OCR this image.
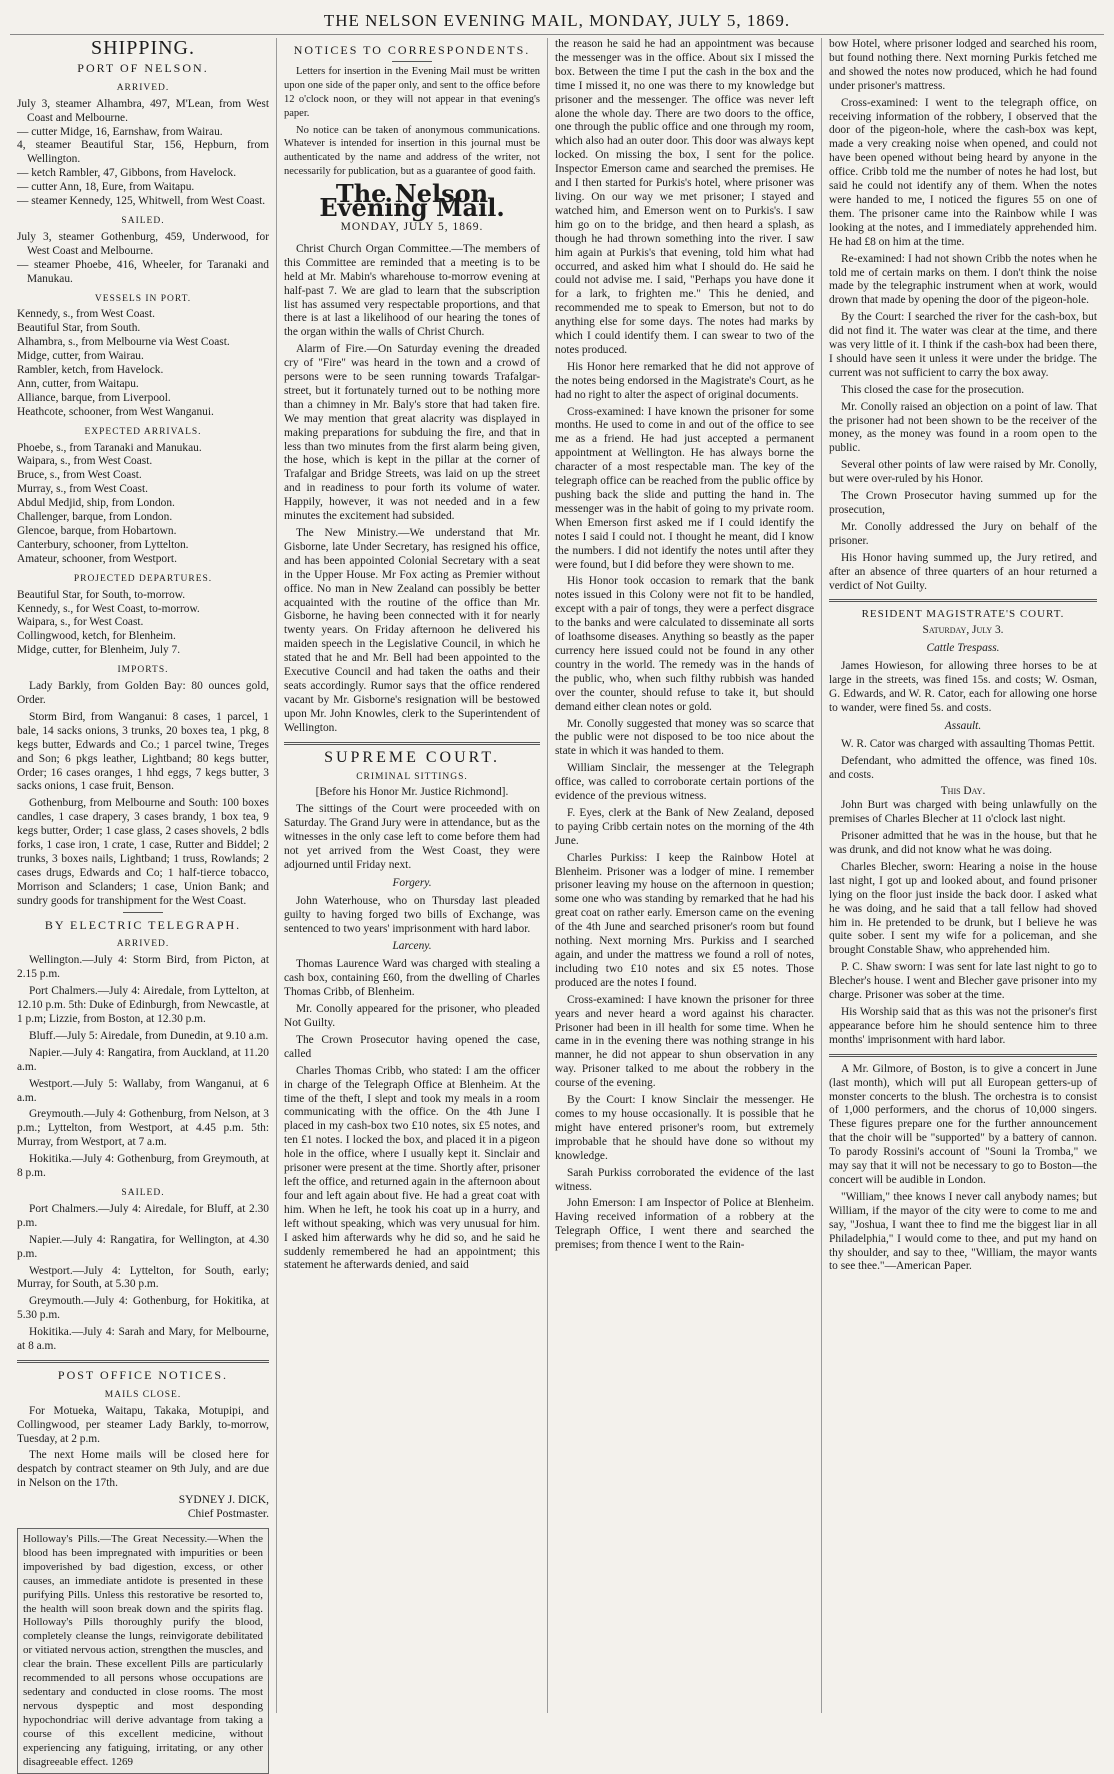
THE NELSON EVENING MAIL, MONDAY, JULY 5, 1869.
SHIPPING.
PORT OF NELSON.
ARRIVED.

July 3, steamer Alhambra, 497, M'Lean, from West Coast and Melbourne.

— cutter Midge, 16, Earnshaw, from Wairau.

4, steamer Beautiful Star, 156, Hepburn, from Wellington.

— ketch Rambler, 47, Gibbons, from Havelock.

— cutter Ann, 18, Eure, from Waitapu.

— steamer Kennedy, 125, Whitwell, from West Coast.

SAILED.

July 3, steamer Gothenburg, 459, Underwood, for West Coast and Melbourne.

— steamer Phoebe, 416, Wheeler, for Taranaki and Manukau.

VESSELS IN PORT.

Kennedy, s., from West Coast.

Beautiful Star, from South.

Alhambra, s., from Melbourne via West Coast.

Midge, cutter, from Wairau.

Rambler, ketch, from Havelock.

Ann, cutter, from Waitapu.

Alliance, barque, from Liverpool.

Heathcote, schooner, from West Wanganui.

EXPECTED ARRIVALS.

Phoebe, s., from Taranaki and Manukau.

Waipara, s., from West Coast.

Bruce, s., from West Coast.

Murray, s., from West Coast.

Abdul Medjid, ship, from London.

Challenger, barque, from London.

Glencoe, barque, from Hobartown.

Canterbury, schooner, from Lyttelton.

Amateur, schooner, from Westport.

PROJECTED DEPARTURES.

Beautiful Star, for South, to-morrow.

Kennedy, s., for West Coast, to-morrow.

Waipara, s., for West Coast.

Collingwood, ketch, for Blenheim.

Midge, cutter, for Blenheim, July 7.

IMPORTS.

Lady Barkly, from Golden Bay: 80 ounces gold, Order.

Storm Bird, from Wanganui: 8 cases, 1 parcel, 1 bale, 14 sacks onions, 3 trunks, 20 boxes tea, 1 pkg, 8 kegs butter, Edwards and Co.; 1 parcel twine, Treges and Son; 6 pkgs leather, Lightband; 80 kegs butter, Order; 16 cases oranges, 1 hhd eggs, 7 kegs butter, 3 sacks onions, 1 case fruit, Benson.

Gothenburg, from Melbourne and South: 100 boxes candles, 1 case drapery, 3 cases brandy, 1 box tea, 9 kegs butter, Order; 1 case glass, 2 cases shovels, 2 bdls forks, 1 case iron, 1 crate, 1 case, Rutter and Biddel; 2 trunks, 3 boxes nails, Lightband; 1 truss, Rowlands; 2 cases drugs, Edwards and Co; 1 half-tierce tobacco, Morrison and Sclanders; 1 case, Union Bank; and sundry goods for transhipment for the West Coast.

BY ELECTRIC TELEGRAPH.
ARRIVED.

Wellington.—July 4: Storm Bird, from Picton, at 2.15 p.m.

Port Chalmers.—July 4: Airedale, from Lyttelton, at 12.10 p.m. 5th: Duke of Edinburgh, from Newcastle, at 1 p.m; Lizzie, from Boston, at 12.30 p.m.

Bluff.—July 5: Airedale, from Dunedin, at 9.10 a.m.

Napier.—July 4: Rangatira, from Auckland, at 11.20 a.m.

Westport.—July 5: Wallaby, from Wanganui, at 6 a.m.

Greymouth.—July 4: Gothenburg, from Nelson, at 3 p.m.; Lyttelton, from Westport, at 4.45 p.m. 5th: Murray, from Westport, at 7 a.m.

Hokitika.—July 4: Gothenburg, from Greymouth, at 8 p.m.

SAILED.

Port Chalmers.—July 4: Airedale, for Bluff, at 2.30 p.m.

Napier.—July 4: Rangatira, for Wellington, at 4.30 p.m.

Westport.—July 4: Lyttelton, for South, early; Murray, for South, at 5.30 p.m.

Greymouth.—July 4: Gothenburg, for Hokitika, at 5.30 p.m.

Hokitika.—July 4: Sarah and Mary, for Melbourne, at 8 a.m.

POST OFFICE NOTICES.
MAILS CLOSE.

For Motueka, Waitapu, Takaka, Motupipi, and Collingwood, per steamer Lady Barkly, to-morrow, Tuesday, at 2 p.m.

The next Home mails will be closed here for despatch by contract steamer on 9th July, and are due in Nelson on the 17th.

SYDNEY J. DICK,
Chief Postmaster.
Holloway's Pills.—The Great Necessity.—When the blood has been impregnated with impurities or been impoverished by bad digestion, excess, or other causes, an immediate antidote is presented in these purifying Pills. Unless this restorative be resorted to, the health will soon break down and the spirits flag. Holloway's Pills thoroughly purify the blood, completely cleanse the lungs, reinvigorate debilitated or vitiated nervous action, strengthen the muscles, and clear the brain. These excellent Pills are particularly recommended to all persons whose occupations are sedentary and conducted in close rooms. The most nervous dyspeptic and most desponding hypochondriac will derive advantage from taking a course of this excellent medicine, without experiencing any fatiguing, irritating, or any other disagreeable effect. 1269
NOTICES TO CORRESPONDENTS.

Letters for insertion in the Evening Mail must be written upon one side of the paper only, and sent to the office before 12 o'clock noon, or they will not appear in that evening's paper.

No notice can be taken of anonymous communications. Whatever is intended for insertion in this journal must be authenticated by the name and address of the writer, not necessarily for publication, but as a guarantee of good faith.

The Nelson Evening Mail.
MONDAY, JULY 5, 1869.

Christ Church Organ Committee.—The members of this Committee are reminded that a meeting is to be held at Mr. Mabin's wharehouse to-morrow evening at half-past 7. We are glad to learn that the subscription list has assumed very respectable proportions, and that there is at last a likelihood of our hearing the tones of the organ within the walls of Christ Church.

Alarm of Fire.—On Saturday evening the dreaded cry of "Fire" was heard in the town and a crowd of persons were to be seen running towards Trafalgar-street, but it fortunately turned out to be nothing more than a chimney in Mr. Baly's store that had taken fire. We may mention that great alacrity was displayed in making preparations for subduing the fire, and that in less than two minutes from the first alarm being given, the hose, which is kept in the pillar at the corner of Trafalgar and Bridge Streets, was laid on up the street and in readiness to pour forth its volume of water. Happily, however, it was not needed and in a few minutes the excitement had subsided.

The New Ministry.—We understand that Mr. Gisborne, late Under Secretary, has resigned his office, and has been appointed Colonial Secretary with a seat in the Upper House. Mr Fox acting as Premier without office. No man in New Zealand can possibly be better acquainted with the routine of the office than Mr. Gisborne, he having been connected with it for nearly twenty years. On Friday afternoon he delivered his maiden speech in the Legislative Council, in which he stated that he and Mr. Bell had been appointed to the Executive Council and had taken the oaths and their seats accordingly. Rumor says that the office rendered vacant by Mr. Gisborne's resignation will be bestowed upon Mr. John Knowles, clerk to the Superintendent of Wellington.

SUPREME COURT.
CRIMINAL SITTINGS.

[Before his Honor Mr. Justice Richmond].

The sittings of the Court were proceeded with on Saturday. The Grand Jury were in attendance, but as the witnesses in the only case left to come before them had not yet arrived from the West Coast, they were adjourned until Friday next.

Forgery.

John Waterhouse, who on Thursday last pleaded guilty to having forged two bills of Exchange, was sentenced to two years' imprisonment with hard labor.

Larceny.

Thomas Laurence Ward was charged with stealing a cash box, containing £60, from the dwelling of Charles Thomas Cribb, of Blenheim.

Mr. Conolly appeared for the prisoner, who pleaded Not Guilty.

The Crown Prosecutor having opened the case, called

Charles Thomas Cribb, who stated: I am the officer in charge of the Telegraph Office at Blenheim. At the time of the theft, I slept and took my meals in a room communicating with the office. On the 4th June I placed in my cash-box two £10 notes, six £5 notes, and ten £1 notes. I locked the box, and placed it in a pigeon hole in the office, where I usually kept it. Sinclair and prisoner were present at the time. Shortly after, prisoner left the office, and returned again in the afternoon about four and left again about five. He had a great coat with him. When he left, he took his coat up in a hurry, and left without speaking, which was very unusual for him. I asked him afterwards why he did so, and he said he suddenly remembered he had an appointment; this statement he afterwards denied, and said

the reason he said he had an appointment was because the messenger was in the office. About six I missed the box. Between the time I put the cash in the box and the time I missed it, no one was there to my knowledge but prisoner and the messenger. The office was never left alone the whole day. There are two doors to the office, one through the public office and one through my room, which also had an outer door. This door was always kept locked. On missing the box, I sent for the police. Inspector Emerson came and searched the premises. He and I then started for Purkis's hotel, where prisoner was living. On our way we met prisoner; I stayed and watched him, and Emerson went on to Purkis's. I saw him go on to the bridge, and then heard a splash, as though he had thrown something into the river. I saw him again at Purkis's that evening, told him what had occurred, and asked him what I should do. He said he could not advise me. I said, "Perhaps you have done it for a lark, to frighten me." This he denied, and recommended me to speak to Emerson, but not to do anything else for some days. The notes had marks by which I could identify them. I can swear to two of the notes produced.

His Honor here remarked that he did not approve of the notes being endorsed in the Magistrate's Court, as he had no right to alter the aspect of original documents.

Cross-examined: I have known the prisoner for some months. He used to come in and out of the office to see me as a friend. He had just accepted a permanent appointment at Wellington. He has always borne the character of a most respectable man. The key of the telegraph office can be reached from the public office by pushing back the slide and putting the hand in. The messenger was in the habit of going to my private room. When Emerson first asked me if I could identify the notes I said I could not. I thought he meant, did I know the numbers. I did not identify the notes until after they were found, but I did before they were shown to me.

His Honor took occasion to remark that the bank notes issued in this Colony were not fit to be handled, except with a pair of tongs, they were a perfect disgrace to the banks and were calculated to disseminate all sorts of loathsome diseases. Anything so beastly as the paper currency here issued could not be found in any other country in the world. The remedy was in the hands of the public, who, when such filthy rubbish was handed over the counter, should refuse to take it, but should demand either clean notes or gold.

Mr. Conolly suggested that money was so scarce that the public were not disposed to be too nice about the state in which it was handed to them.

William Sinclair, the messenger at the Telegraph office, was called to corroborate certain portions of the evidence of the previous witness.

F. Eyes, clerk at the Bank of New Zealand, deposed to paying Cribb certain notes on the morning of the 4th June.

Charles Purkiss: I keep the Rainbow Hotel at Blenheim. Prisoner was a lodger of mine. I remember prisoner leaving my house on the afternoon in question; some one who was standing by remarked that he had his great coat on rather early. Emerson came on the evening of the 4th June and searched prisoner's room but found nothing. Next morning Mrs. Purkiss and I searched again, and under the mattress we found a roll of notes, including two £10 notes and six £5 notes. Those produced are the notes I found.

Cross-examined: I have known the prisoner for three years and never heard a word against his character. Prisoner had been in ill health for some time. When he came in in the evening there was nothing strange in his manner, he did not appear to shun observation in any way. Prisoner talked to me about the robbery in the course of the evening.

By the Court: I know Sinclair the messenger. He comes to my house occasionally. It is possible that he might have entered prisoner's room, but extremely improbable that he should have done so without my knowledge.

Sarah Purkiss corroborated the evidence of the last witness.

John Emerson: I am Inspector of Police at Blenheim. Having received information of a robbery at the Telegraph Office, I went there and searched the premises; from thence I went to the Rain-

bow Hotel, where prisoner lodged and searched his room, but found nothing there. Next morning Purkis fetched me and showed the notes now produced, which he had found under prisoner's mattress.

Cross-examined: I went to the telegraph office, on receiving information of the robbery, I observed that the door of the pigeon-hole, where the cash-box was kept, made a very creaking noise when opened, and could not have been opened without being heard by anyone in the office. Cribb told me the number of notes he had lost, but said he could not identify any of them. When the notes were handed to me, I noticed the figures 55 on one of them. The prisoner came into the Rainbow while I was looking at the notes, and I immediately apprehended him. He had £8 on him at the time.

Re-examined: I had not shown Cribb the notes when he told me of certain marks on them. I don't think the noise made by the telegraphic instrument when at work, would drown that made by opening the door of the pigeon-hole.

By the Court: I searched the river for the cash-box, but did not find it. The water was clear at the time, and there was very little of it. I think if the cash-box had been there, I should have seen it unless it were under the bridge. The current was not sufficient to carry the box away.

This closed the case for the prosecution.

Mr. Conolly raised an objection on a point of law. That the prisoner had not been shown to be the receiver of the money, as the money was found in a room open to the public.

Several other points of law were raised by Mr. Conolly, but were over-ruled by his Honor.

The Crown Prosecutor having summed up for the prosecution,

Mr. Conolly addressed the Jury on behalf of the prisoner.

His Honor having summed up, the Jury retired, and after an absence of three quarters of an hour returned a verdict of Not Guilty.

RESIDENT MAGISTRATE'S COURT.
Saturday, July 3.
Cattle Trespass.

James Howieson, for allowing three horses to be at large in the streets, was fined 15s. and costs; W. Osman, G. Edwards, and W. R. Cator, each for allowing one horse to wander, were fined 5s. and costs.

Assault.

W. R. Cator was charged with assaulting Thomas Pettit.

Defendant, who admitted the offence, was fined 10s. and costs.

This Day.

John Burt was charged with being unlawfully on the premises of Charles Blecher at 11 o'clock last night.

Prisoner admitted that he was in the house, but that he was drunk, and did not know what he was doing.

Charles Blecher, sworn: Hearing a noise in the house last night, I got up and looked about, and found prisoner lying on the floor just inside the back door. I asked what he was doing, and he said that a tall fellow had shoved him in. He pretended to be drunk, but I believe he was quite sober. I sent my wife for a policeman, and she brought Constable Shaw, who apprehended him.

P. C. Shaw sworn: I was sent for late last night to go to Blecher's house. I went and Blecher gave prisoner into my charge. Prisoner was sober at the time.

His Worship said that as this was not the prisoner's first appearance before him he should sentence him to three months' imprisonment with hard labor.

A Mr. Gilmore, of Boston, is to give a concert in June (last month), which will put all European getters-up of monster concerts to the blush. The orchestra is to consist of 1,000 performers, and the chorus of 10,000 singers. These figures prepare one for the further announcement that the choir will be "supported" by a battery of cannon. To parody Rossini's account of "Souni la Tromba," we may say that it will not be necessary to go to Boston—the concert will be audible in London.

"William," thee knows I never call anybody names; but William, if the mayor of the city were to come to me and say, "Joshua, I want thee to find me the biggest liar in all Philadelphia," I would come to thee, and put my hand on thy shoulder, and say to thee, "William, the mayor wants to see thee."—American Paper.
